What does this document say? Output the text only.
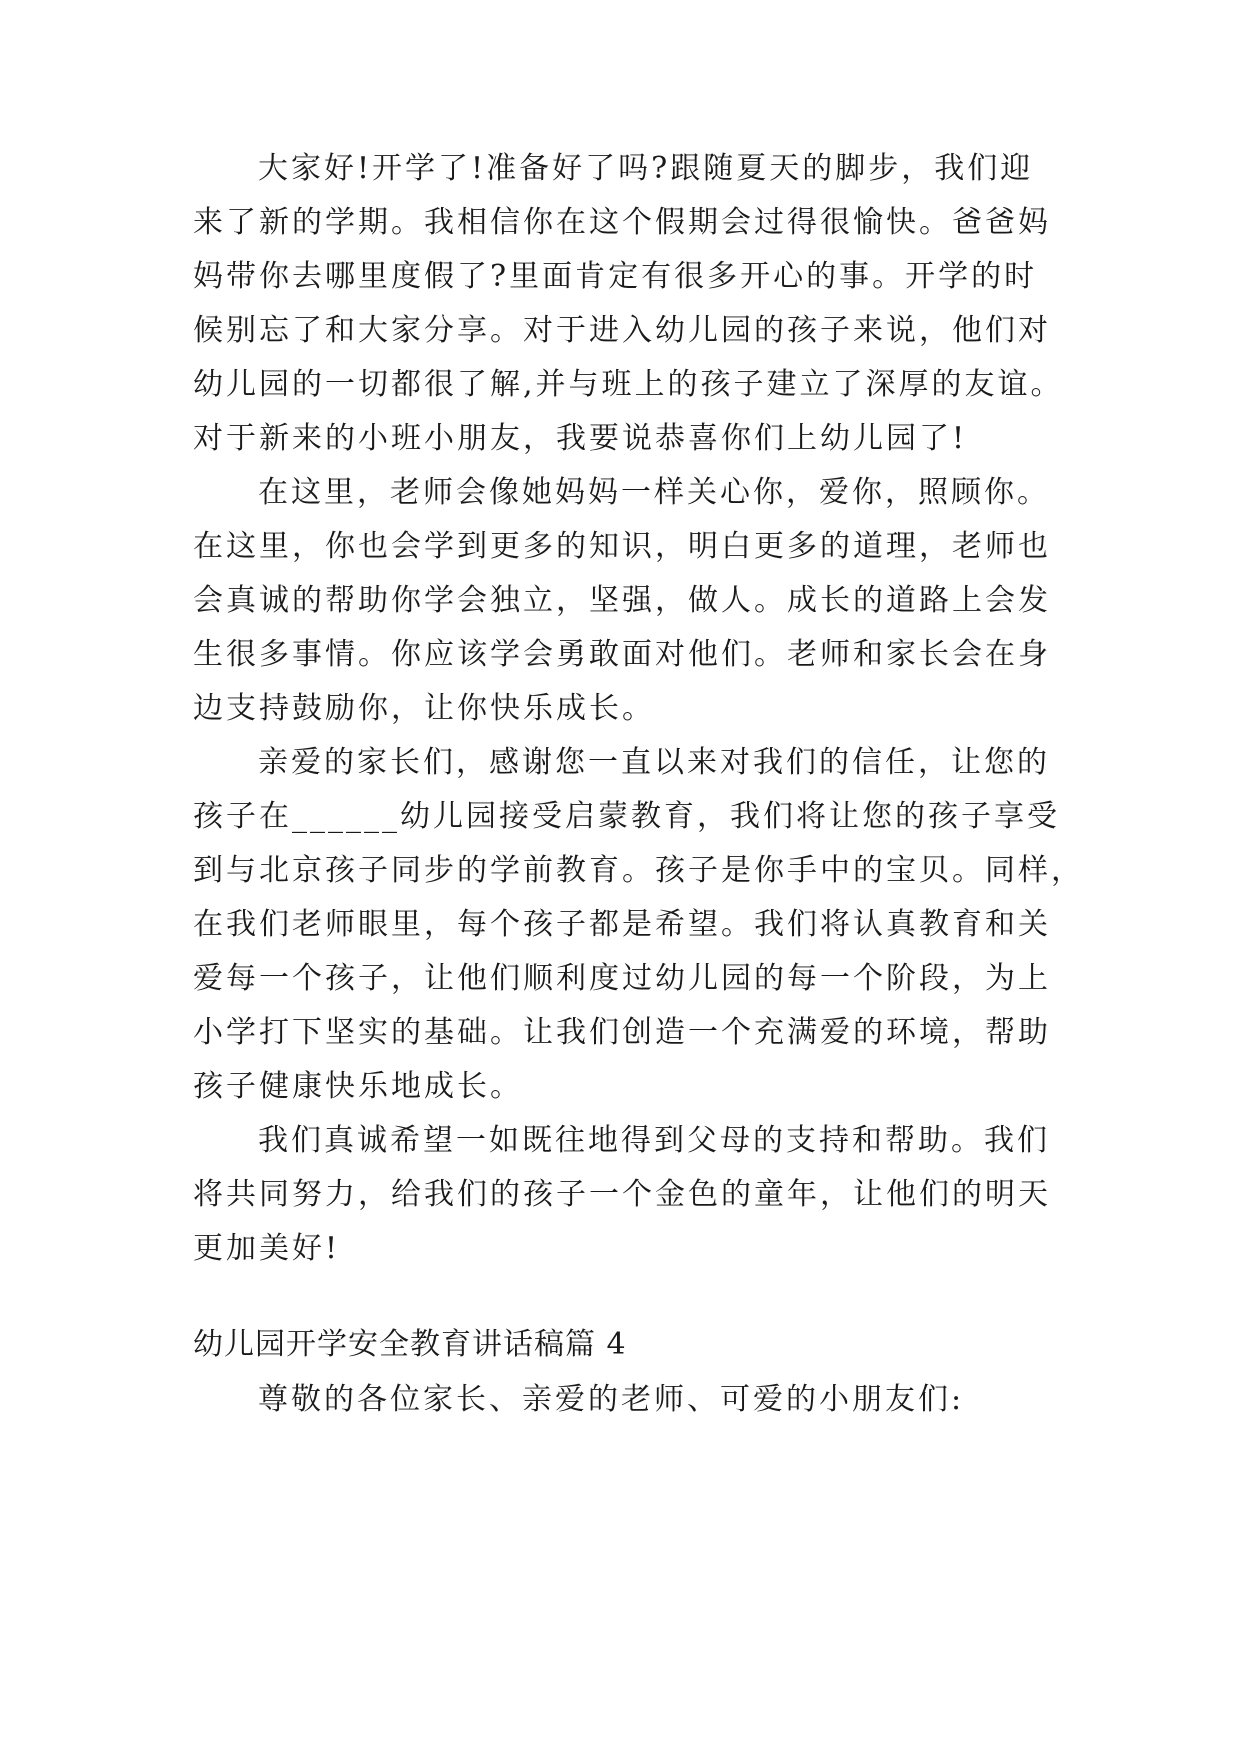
大家好!开学了!准备好了吗?跟随夏天的脚步，我们迎
来了新的学期。我相信你在这个假期会过得很愉快。爸爸妈
妈带你去哪里度假了?里面肯定有很多开心的事。开学的时
候别忘了和大家分享。对于进入幼儿园的孩子来说，他们对
幼儿园的一切都很了解,并与班上的孩子建立了深厚的友谊。
对于新来的小班小朋友，我要说恭喜你们上幼儿园了!
在这里，老师会像她妈妈一样关心你，爱你，照顾你。
在这里，你也会学到更多的知识，明白更多的道理，老师也
会真诚的帮助你学会独立，坚强，做人。成长的道路上会发
生很多事情。你应该学会勇敢面对他们。老师和家长会在身
边支持鼓励你，让你快乐成长。
亲爱的家长们，感谢您一直以来对我们的信任，让您的
孩子在______幼儿园接受启蒙教育，我们将让您的孩子享受
到与北京孩子同步的学前教育。孩子是你手中的宝贝。同样，
在我们老师眼里，每个孩子都是希望。我们将认真教育和关
爱每一个孩子，让他们顺利度过幼儿园的每一个阶段，为上
小学打下坚实的基础。让我们创造一个充满爱的环境，帮助
孩子健康快乐地成长。
我们真诚希望一如既往地得到父母的支持和帮助。我们
将共同努力，给我们的孩子一个金色的童年，让他们的明天
更加美好!
幼儿园开学安全教育讲话稿篇 4
尊敬的各位家长、亲爱的老师、可爱的小朋友们:
